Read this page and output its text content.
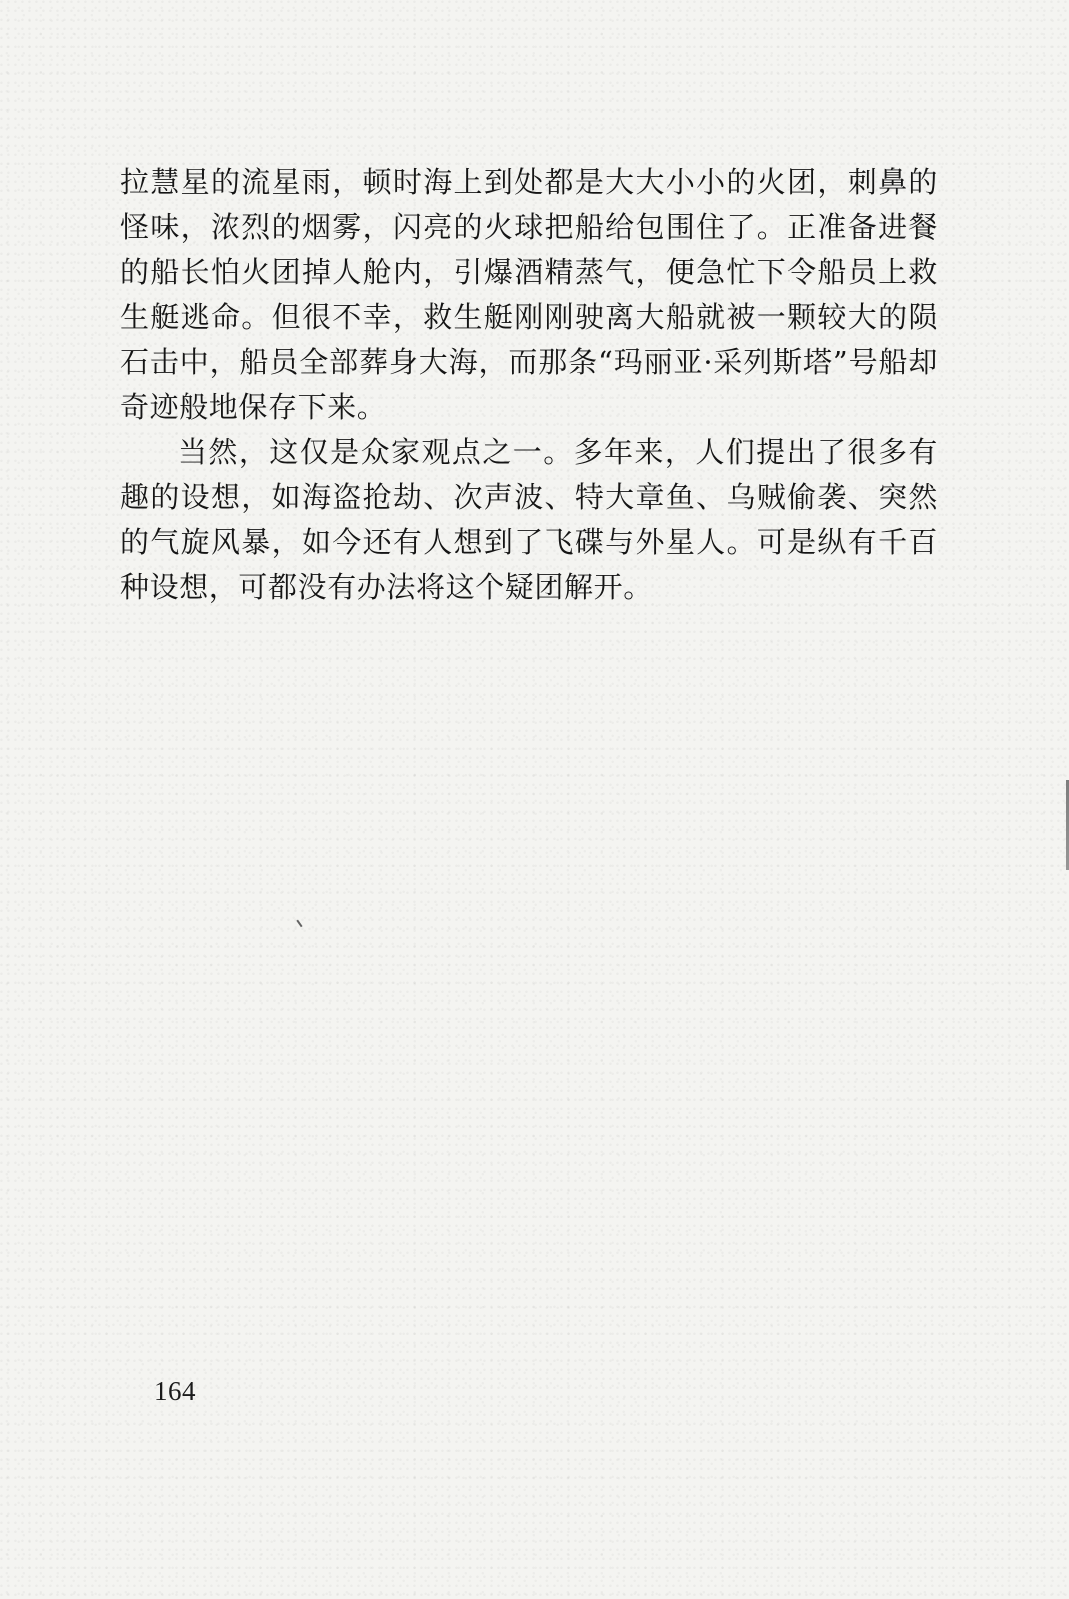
拉慧星的流星雨，顿时海上到处都是大大小小的火团，刺鼻的怪味，浓烈的烟雾，闪亮的火球把船给包围住了。正准备进餐的船长怕火团掉人舱内，引爆酒精蒸气，便急忙下令船员上救生艇逃命。但很不幸，救生艇刚刚驶离大船就被一颗较大的陨石击中，船员全部葬身大海，而那条“玛丽亚·采列斯塔”号船却奇迹般地保存下来。

当然，这仅是众家观点之一。多年来，人们提出了很多有趣的设想，如海盗抢劫、次声波、特大章鱼、乌贼偷袭、突然的气旋风暴，如今还有人想到了飞碟与外星人。可是纵有千百种设想，可都没有办法将这个疑团解开。

164
